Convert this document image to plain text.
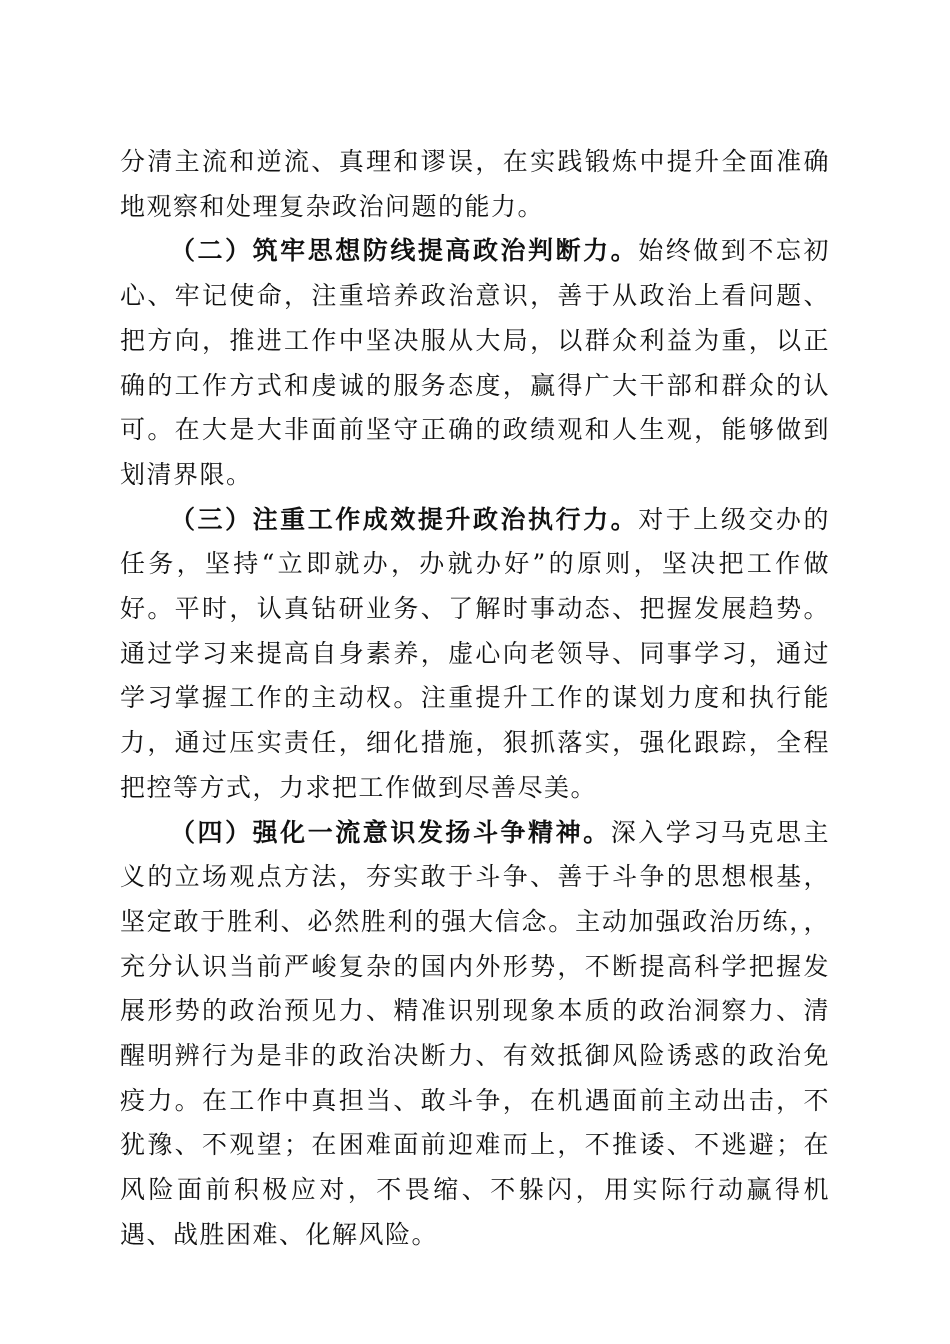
分清主流和逆流、真理和谬误，在实践锻炼中提升全面准确地观察和处理复杂政治问题的能力。

（二）筑牢思想防线提高政治判断力。始终做到不忘初心、牢记使命，注重培养政治意识，善于从政治上看问题、把方向，推进工作中坚决服从大局，以群众利益为重，以正确的工作方式和虔诚的服务态度，赢得广大干部和群众的认可。在大是大非面前坚守正确的政绩观和人生观，能够做到划清界限。

（三）注重工作成效提升政治执行力。对于上级交办的任务，坚持“立即就办，办就办好”的原则，坚决把工作做好。平时，认真钻研业务、了解时事动态、把握发展趋势。通过学习来提高自身素养，虚心向老领导、同事学习，通过学习掌握工作的主动权。注重提升工作的谋划力度和执行能力，通过压实责任，细化措施，狠抓落实，强化跟踪，全程把控等方式，力求把工作做到尽善尽美。

（四）强化一流意识发扬斗争精神。深入学习马克思主义的立场观点方法，夯实敢于斗争、善于斗争的思想根基，坚定敢于胜利、必然胜利的强大信念。主动加强政治历练，，充分认识当前严峻复杂的国内外形势，不断提高科学把握发展形势的政治预见力、精准识别现象本质的政治洞察力、清醒明辨行为是非的政治决断力、有效抵御风险诱惑的政治免疫力。在工作中真担当、敢斗争，在机遇面前主动出击，不犹豫、不观望；在困难面前迎难而上，不推诿、不逃避；在风险面前积极应对，不畏缩、不躲闪，用实际行动赢得机遇、战胜困难、化解风险。
